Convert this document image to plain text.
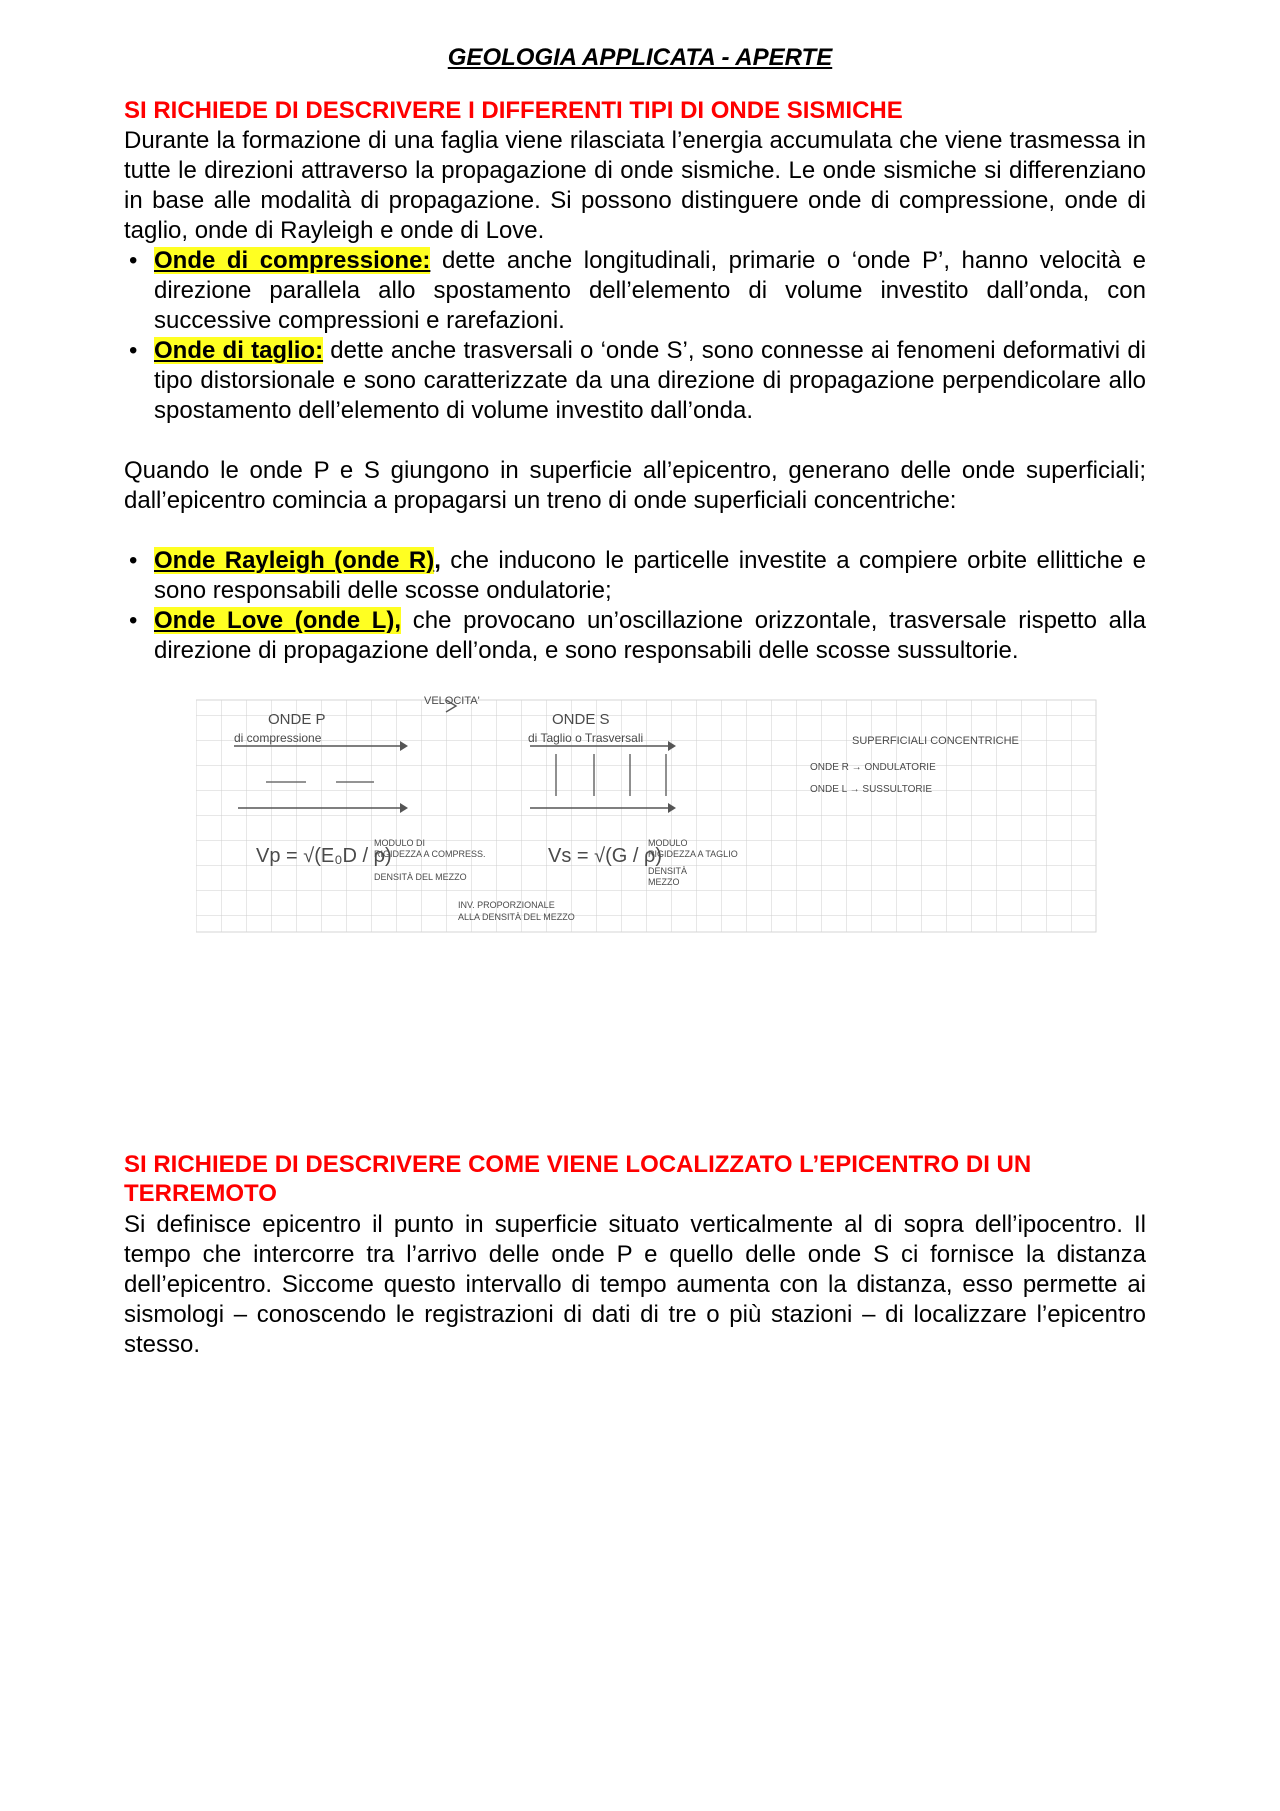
GEOLOGIA APPLICATA - APERTE
SI RICHIEDE DI DESCRIVERE I DIFFERENTI TIPI DI ONDE SISMICHE
Durante la formazione di una faglia viene rilasciata l’energia accumulata che viene trasmessa in tutte le direzioni attraverso la propagazione di onde sismiche. Le onde sismiche si differenziano in base alle modalità di propagazione. Si possono distinguere onde di compressione, onde di taglio, onde di Rayleigh e onde di Love.
• Onde di compressione: dette anche longitudinali, primarie o ‘onde P’, hanno velocità e direzione parallela allo spostamento dell’elemento di volume investito dall’onda, con successive compressioni e rarefazioni.
• Onde di taglio: dette anche trasversali o ‘onde S’, sono connesse ai fenomeni deformativi di tipo distorsionale e sono caratterizzate da una direzione di propagazione perpendicolare allo spostamento dell’elemento di volume investito dall’onda.
Quando le onde P e S giungono in superficie all’epicentro, generano delle onde superficiali; dall’epicentro comincia a propagarsi un treno di onde superficiali concentriche:
• Onde Rayleigh (onde R), che inducono le particelle investite a compiere orbite ellittiche e sono responsabili delle scosse ondulatorie;
• Onde Love (onde L), che provocano un’oscillazione orizzontale, trasversale rispetto alla direzione di propagazione dell’onda, e sono responsabili delle scosse sussultorie.
VELOCITA'
ONDE P
di compressione
Vp = √(E₀D / ρ)
MODULO DI
RIGIDEZZA A COMPRESS.
DENSITÀ DEL MEZZO
ONDE S
di Taglio o Trasversali
Vs = √(G / ρ)
MODULO
RIGIDEZZA A TAGLIO
DENSITÀ
MEZZO
INV. PROPORZIONALE
ALLA DENSITÀ DEL MEZZO
SUPERFICIALI CONCENTRICHE
ONDE R → ONDULATORIE
ONDE L → SUSSULTORIE
SI RICHIEDE DI DESCRIVERE COME VIENE LOCALIZZATO L’EPICENTRO DI UN TERREMOTO
Si definisce epicentro il punto in superficie situato verticalmente al di sopra dell’ipocentro. Il tempo che intercorre tra l’arrivo delle onde P e quello delle onde S ci fornisce la distanza dell’epicentro. Siccome questo intervallo di tempo aumenta con la distanza, esso permette ai sismologi – conoscendo le registrazioni di dati di tre o più stazioni – di localizzare l’epicentro stesso.
